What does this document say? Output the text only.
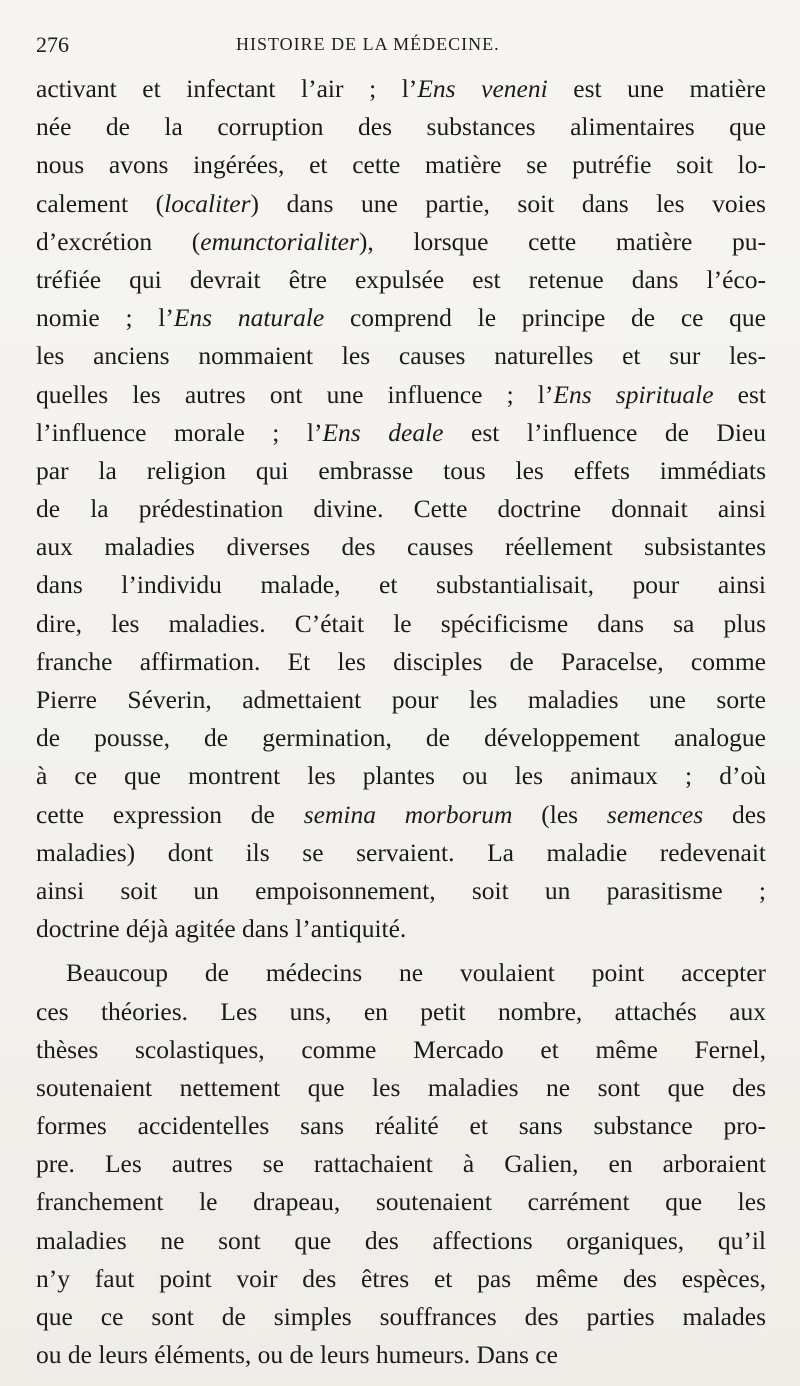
276	HISTOIRE DE LA MÉDECINE.
activant et infectant l’air ; l’Ens veneni est une matière
née de la corruption des substances alimentaires que
nous avons ingérées, et cette matière se putréfie soit lo-
calement (localiter) dans une partie, soit dans les voies
d’excrétion (emunctorialiter), lorsque cette matière pu-
tréfiée qui devrait être expulsée est retenue dans l’éco-
nomie ; l’Ens naturale comprend le principe de ce que
les anciens nommaient les causes naturelles et sur les-
quelles les autres ont une influence ; l’Ens spirituale est
l’influence morale ; l’Ens deale est l’influence de Dieu
par la religion qui embrasse tous les effets immédiats
de la prédestination divine. Cette doctrine donnait ainsi
aux maladies diverses des causes réellement subsistantes
dans l’individu malade, et substantialisait, pour ainsi
dire, les maladies. C’était le spécificisme dans sa plus
franche affirmation. Et les disciples de Paracelse, comme
Pierre Séverin, admettaient pour les maladies une sorte
de pousse, de germination, de développement analogue
à ce que montrent les plantes ou les animaux ; d’où
cette expression de semina morborum (les semences des
maladies) dont ils se servaient. La maladie redevenait
ainsi soit un empoisonnement, soit un parasitisme ;
doctrine déjà agitée dans l’antiquité.
Beaucoup de médecins ne voulaient point accepter
ces théories. Les uns, en petit nombre, attachés aux
thèses scolastiques, comme Mercado et même Fernel,
soutenaient nettement que les maladies ne sont que des
formes accidentelles sans réalité et sans substance pro-
pre. Les autres se rattachaient à Galien, en arboraient
franchement le drapeau, soutenaient carrément que les
maladies ne sont que des affections organiques, qu’il
n’y faut point voir des êtres et pas même des espèces,
que ce sont de simples souffrances des parties malades
ou de leurs éléments, ou de leurs humeurs. Dans ce
